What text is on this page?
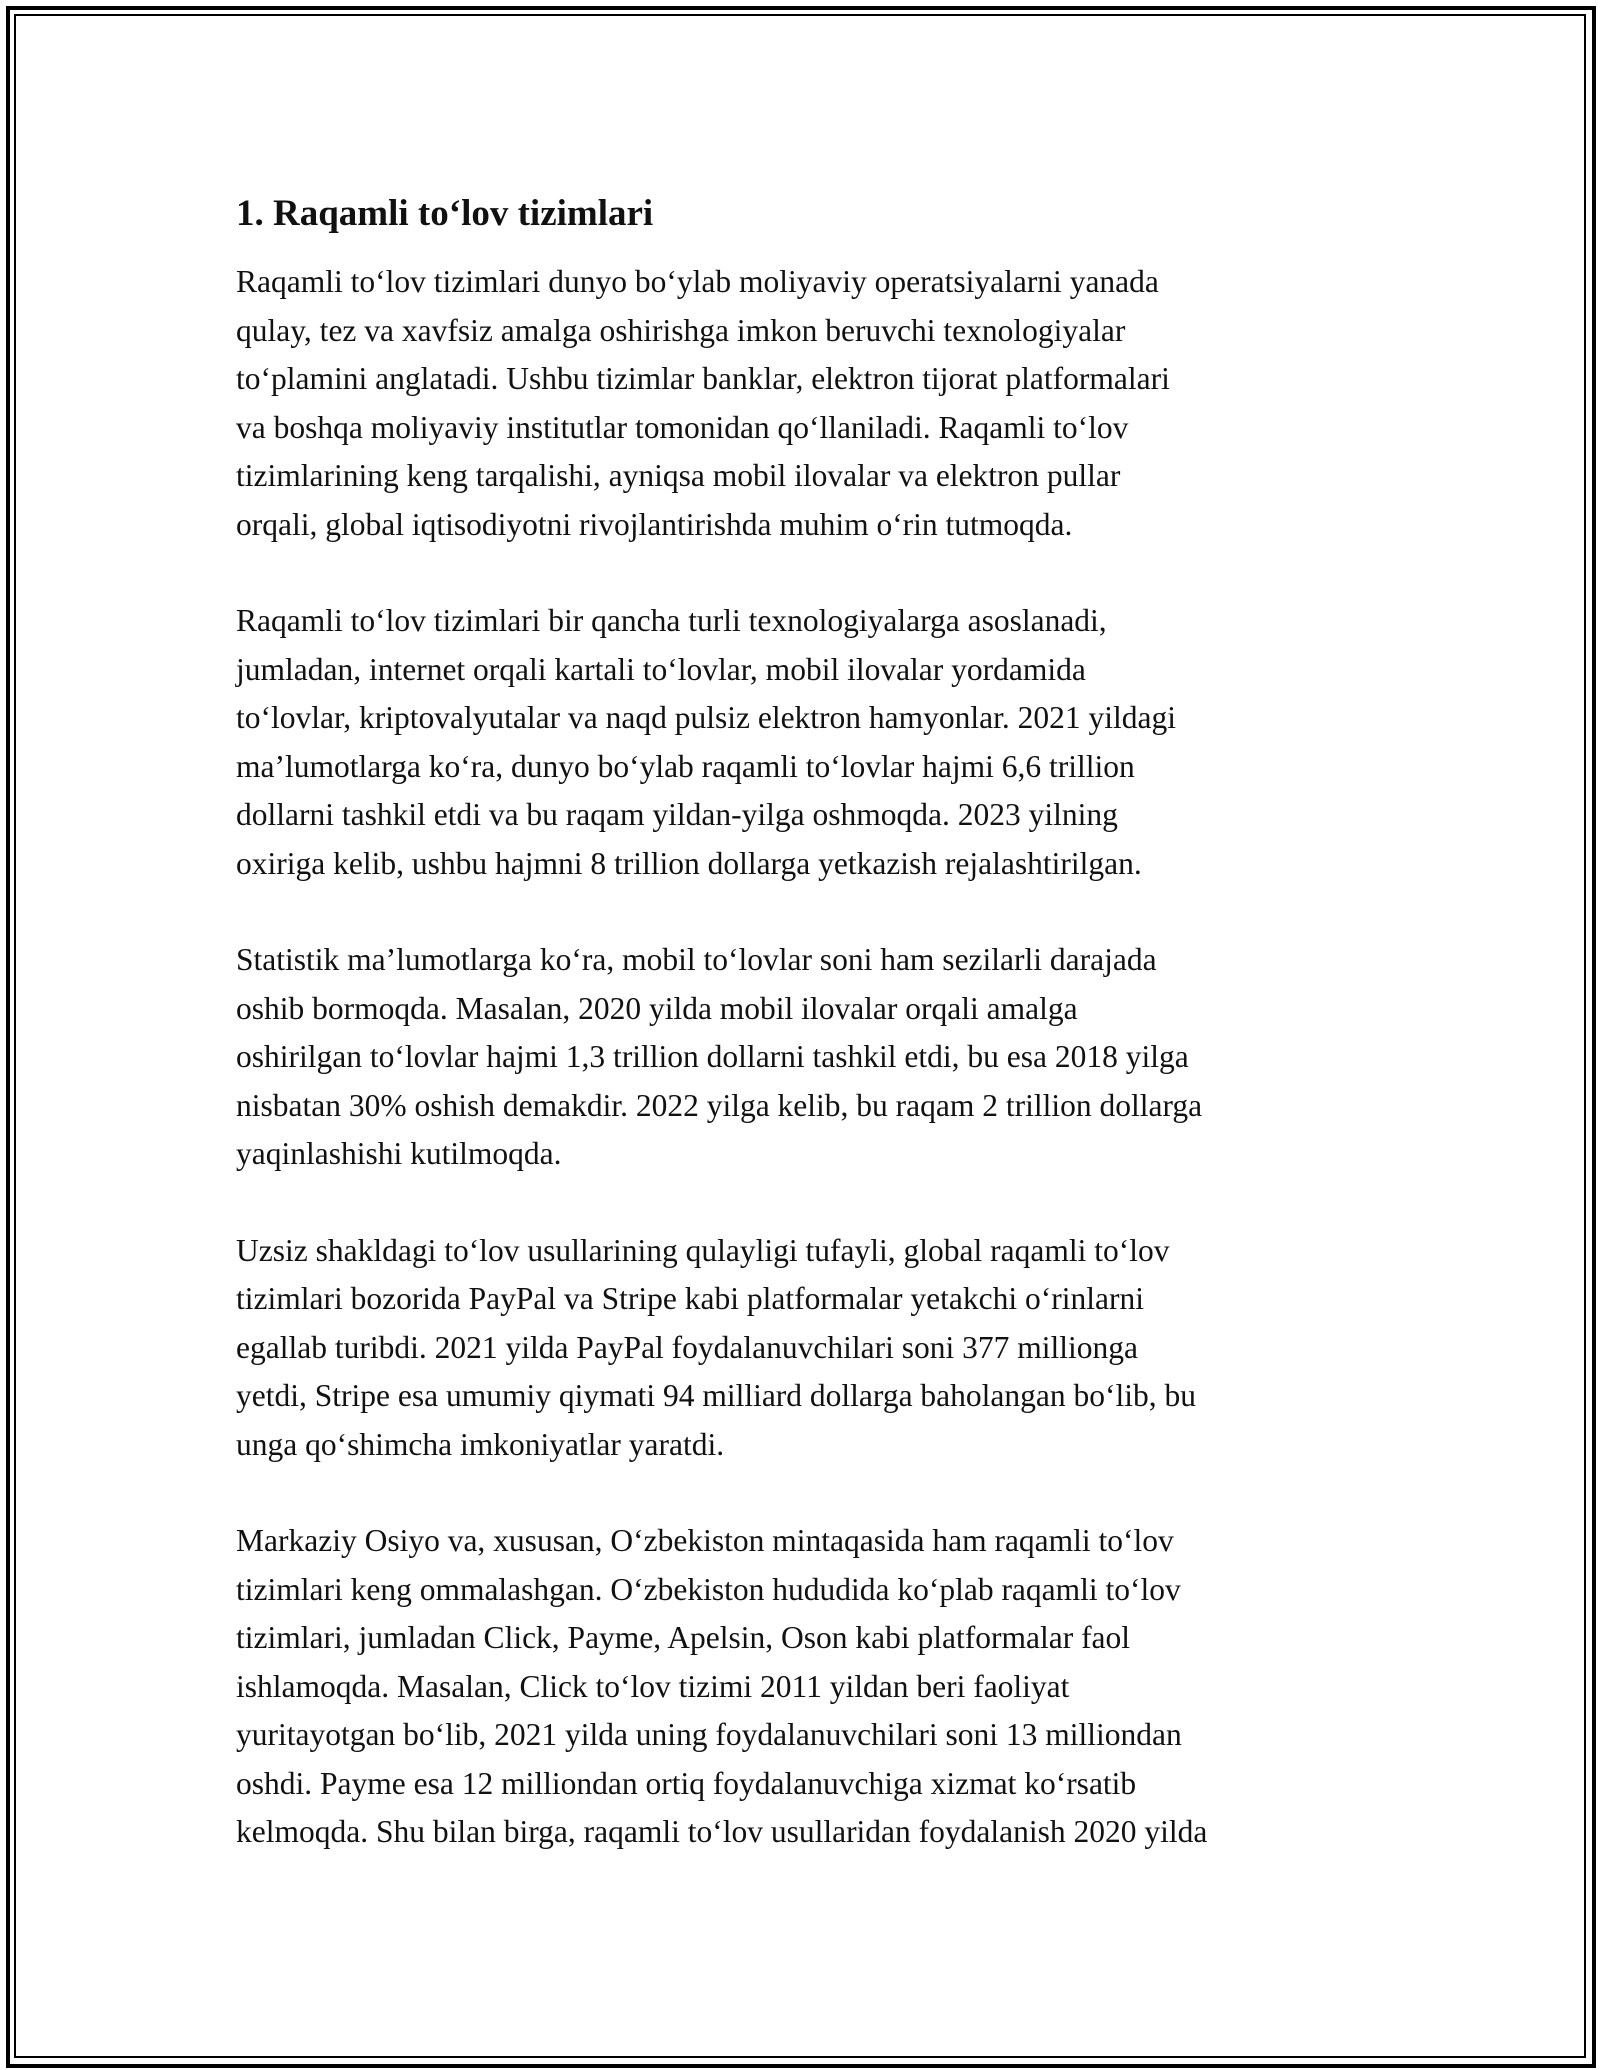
1. Raqamli to‘lov tizimlari

Raqamli to‘lov tizimlari dunyo bo‘ylab moliyaviy operatsiyalarni yanada
qulay, tez va xavfsiz amalga oshirishga imkon beruvchi texnologiyalar
to‘plamini anglatadi. Ushbu tizimlar banklar, elektron tijorat platformalari
va boshqa moliyaviy institutlar tomonidan qo‘llaniladi. Raqamli to‘lov
tizimlarining keng tarqalishi, ayniqsa mobil ilovalar va elektron pullar
orqali, global iqtisodiyotni rivojlantirishda muhim o‘rin tutmoqda.

Raqamli to‘lov tizimlari bir qancha turli texnologiyalarga asoslanadi,
jumladan, internet orqali kartali to‘lovlar, mobil ilovalar yordamida
to‘lovlar, kriptovalyutalar va naqd pulsiz elektron hamyonlar. 2021 yildagi
ma’lumotlarga ko‘ra, dunyo bo‘ylab raqamli to‘lovlar hajmi 6,6 trillion
dollarni tashkil etdi va bu raqam yildan-yilga oshmoqda. 2023 yilning
oxiriga kelib, ushbu hajmni 8 trillion dollarga yetkazish rejalashtirilgan.

Statistik ma’lumotlarga ko‘ra, mobil to‘lovlar soni ham sezilarli darajada
oshib bormoqda. Masalan, 2020 yilda mobil ilovalar orqali amalga
oshirilgan to‘lovlar hajmi 1,3 trillion dollarni tashkil etdi, bu esa 2018 yilga
nisbatan 30% oshish demakdir. 2022 yilga kelib, bu raqam 2 trillion dollarga
yaqinlashishi kutilmoqda.

Uzsiz shakldagi to‘lov usullarining qulayligi tufayli, global raqamli to‘lov
tizimlari bozorida PayPal va Stripe kabi platformalar yetakchi o‘rinlarni
egallab turibdi. 2021 yilda PayPal foydalanuvchilari soni 377 millionga
yetdi, Stripe esa umumiy qiymati 94 milliard dollarga baholangan bo‘lib, bu
unga qo‘shimcha imkoniyatlar yaratdi.

Markaziy Osiyo va, xususan, O‘zbekiston mintaqasida ham raqamli to‘lov
tizimlari keng ommalashgan. O‘zbekiston hududida ko‘plab raqamli to‘lov
tizimlari, jumladan Click, Payme, Apelsin, Oson kabi platformalar faol
ishlamoqda. Masalan, Click to‘lov tizimi 2011 yildan beri faoliyat
yuritayotgan bo‘lib, 2021 yilda uning foydalanuvchilari soni 13 milliondan
oshdi. Payme esa 12 milliondan ortiq foydalanuvchiga xizmat ko‘rsatib
kelmoqda. Shu bilan birga, raqamli to‘lov usullaridan foydalanish 2020 yilda
